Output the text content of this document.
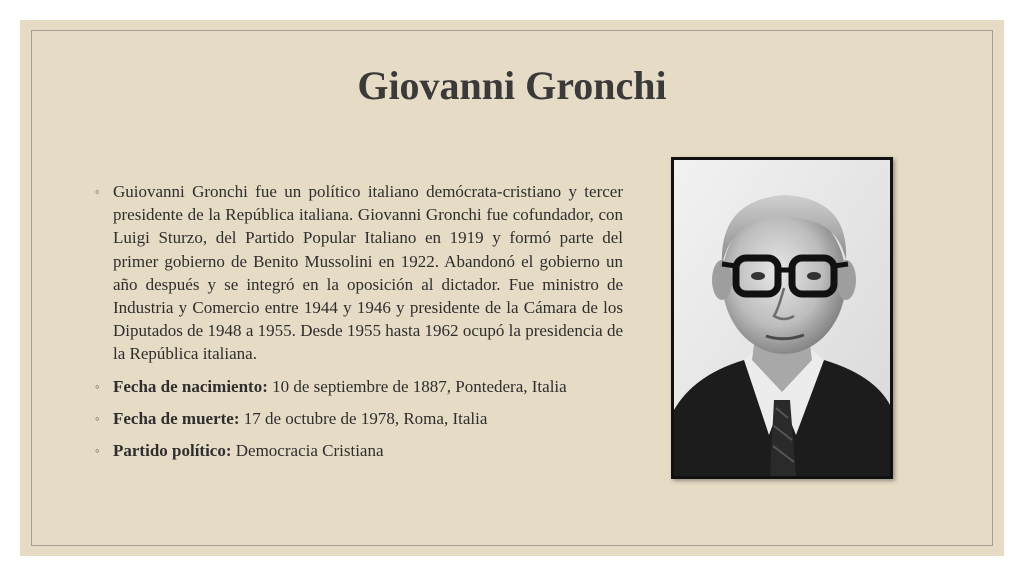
Giovanni Gronchi
◦ Guiovanni Gronchi fue un político italiano demócrata-cristiano y tercer presidente de la República italiana. Giovanni Gronchi fue cofundador, con Luigi Sturzo, del Partido Popular Italiano en 1919 y formó parte del primer gobierno de Benito Mussolini en 1922. Abandonó el gobierno un año después y se integró en la oposición al dictador. Fue ministro de Industria y Comercio entre 1944 y 1946 y presidente de la Cámara de los Diputados de 1948 a 1955. Desde 1955 hasta 1962 ocupó la presidencia de la República italiana.
◦ Fecha de nacimiento: 10 de septiembre de 1887, Pontedera, Italia
◦ Fecha de muerte: 17 de octubre de 1978, Roma, Italia
◦ Partido político: Democracia Cristiana
